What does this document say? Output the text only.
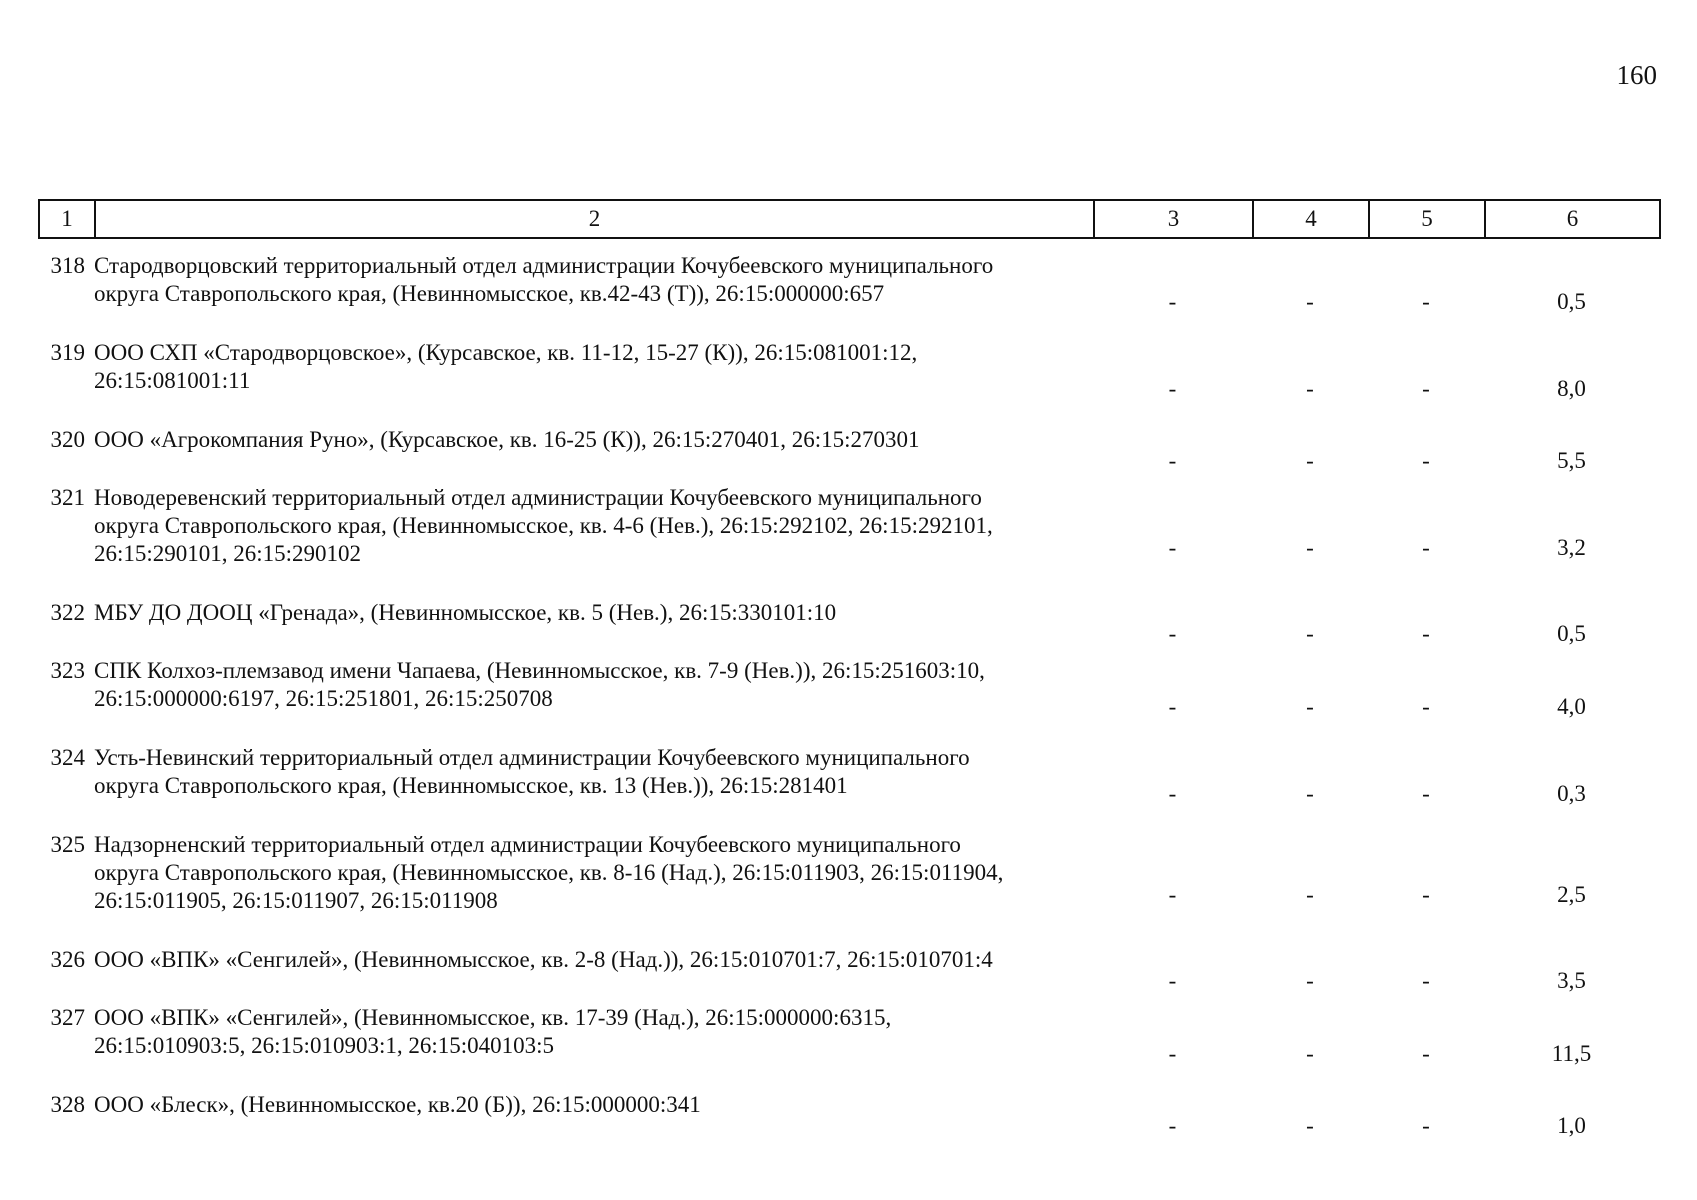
160
1	2	3	4	5	6
318 Стародворцовский территориальный отдел администрации Кочубеевского муниципального
округа Ставропольского края, (Невинномысское, кв.42-43 (Т)), 26:15:000000:657	-	-	-	0,5
319 ООО СХП «Стародворцовское», (Курсавское, кв. 11-12, 15-27 (К)), 26:15:081001:12,
26:15:081001:11	-	-	-	8,0
320 ООО «Агрокомпания Руно», (Курсавское, кв. 16-25 (К)), 26:15:270401, 26:15:270301
-	-	-	5,5
321 Новодеревенский территориальный отдел администрации Кочубеевского муниципального
округа Ставропольского края, (Невинномысское, кв. 4-6 (Нев.), 26:15:292102, 26:15:292101,
26:15:290101, 26:15:290102	-	-	-	3,2
322 МБУ ДО ДООЦ «Гренада», (Невинномысское, кв. 5 (Нев.), 26:15:330101:10
-	-	-	0,5
323 СПК Колхоз-племзавод имени Чапаева, (Невинномысское, кв. 7-9 (Нев.)), 26:15:251603:10,
26:15:000000:6197, 26:15:251801, 26:15:250708	-	-	-	4,0
324 Усть-Невинский территориальный отдел администрации Кочубеевского муниципального
округа Ставропольского края, (Невинномысское, кв. 13 (Нев.)), 26:15:281401	-	-	-	0,3
325 Надзорненский территориальный отдел администрации Кочубеевского муниципального
округа Ставропольского края, (Невинномысское, кв. 8-16 (Над.), 26:15:011903, 26:15:011904,
26:15:011905, 26:15:011907, 26:15:011908	-	-	-	2,5
326 ООО «ВПК» «Сенгилей», (Невинномысское, кв. 2-8 (Над.)), 26:15:010701:7, 26:15:010701:4
-	-	-	3,5
327 ООО «ВПК» «Сенгилей», (Невинномысское, кв. 17-39 (Над.), 26:15:000000:6315,
26:15:010903:5, 26:15:010903:1, 26:15:040103:5	-	-	-	11,5
328 ООО «Блеск», (Невинномысское, кв.20 (Б)), 26:15:000000:341
-	-	-	1,0
